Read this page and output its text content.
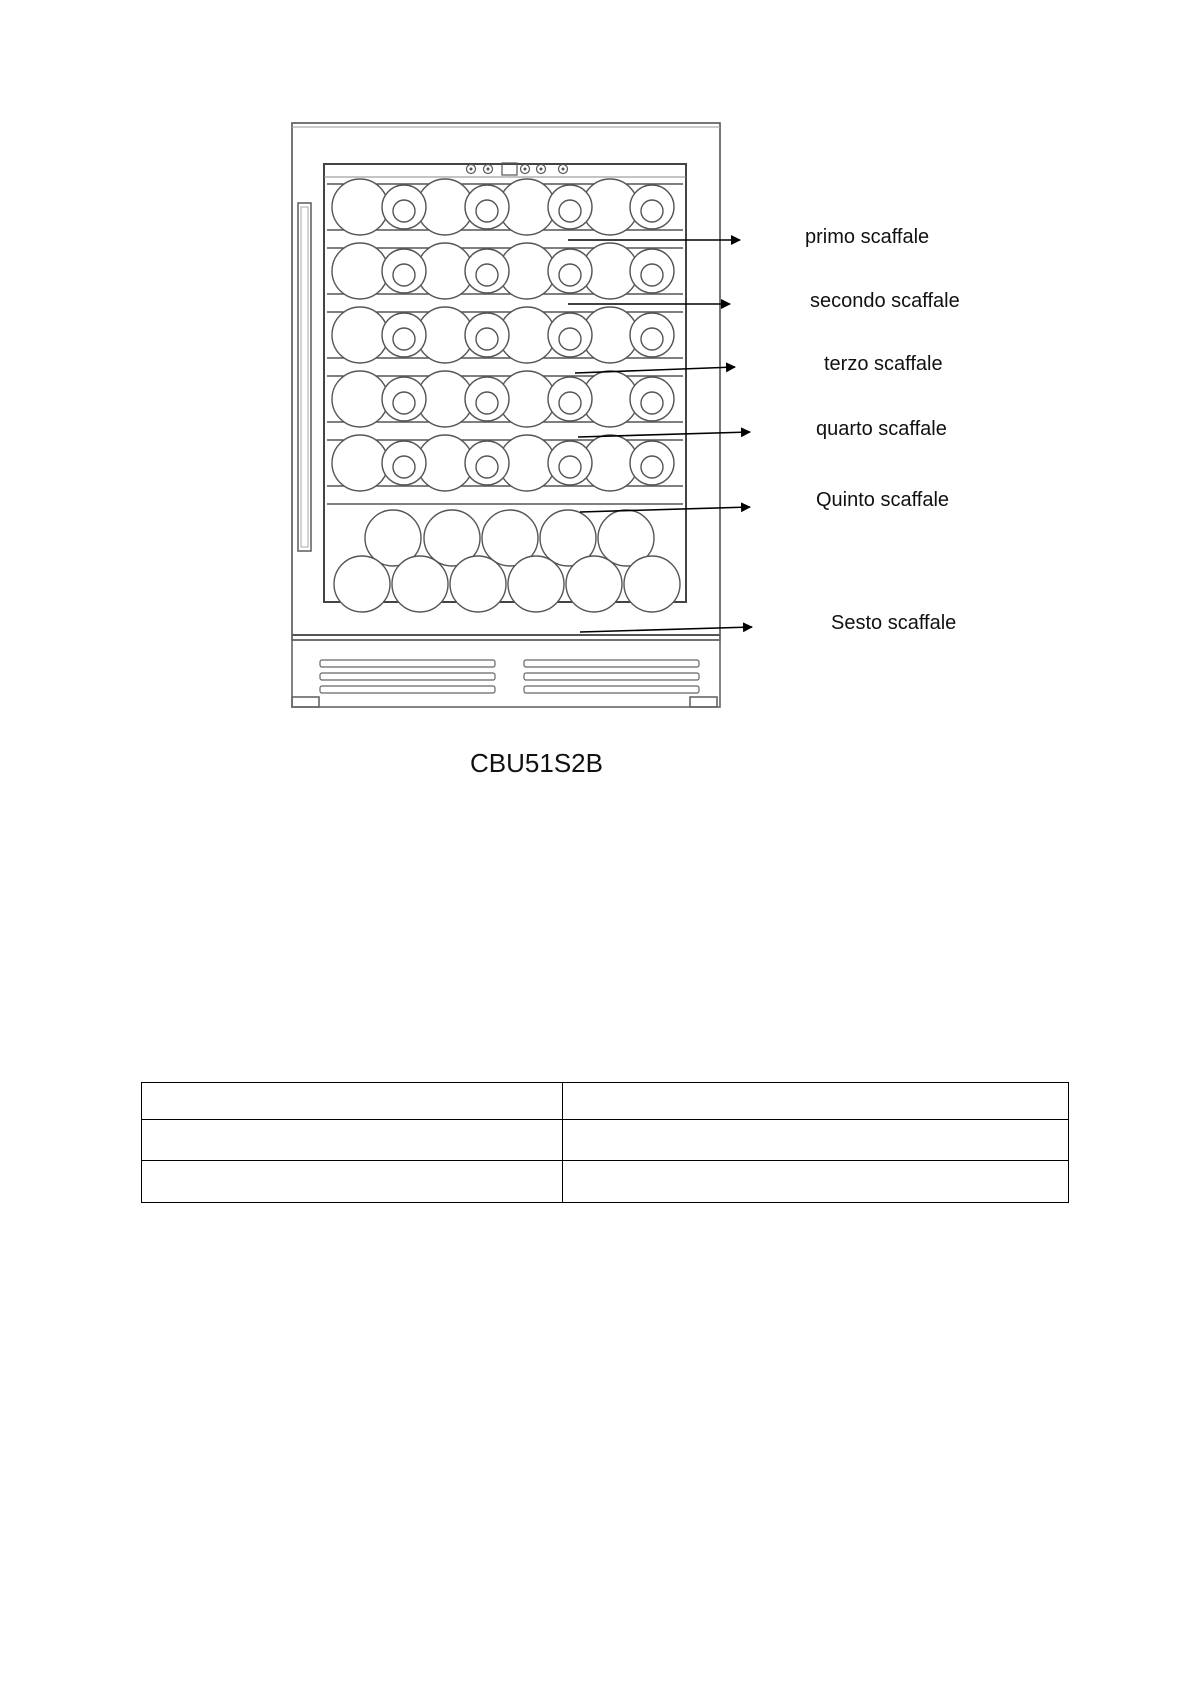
primo scaffale
secondo scaffale
terzo scaffale
quarto scaffale
Quinto scaffale
Sesto scaffale
CBU51S2B
